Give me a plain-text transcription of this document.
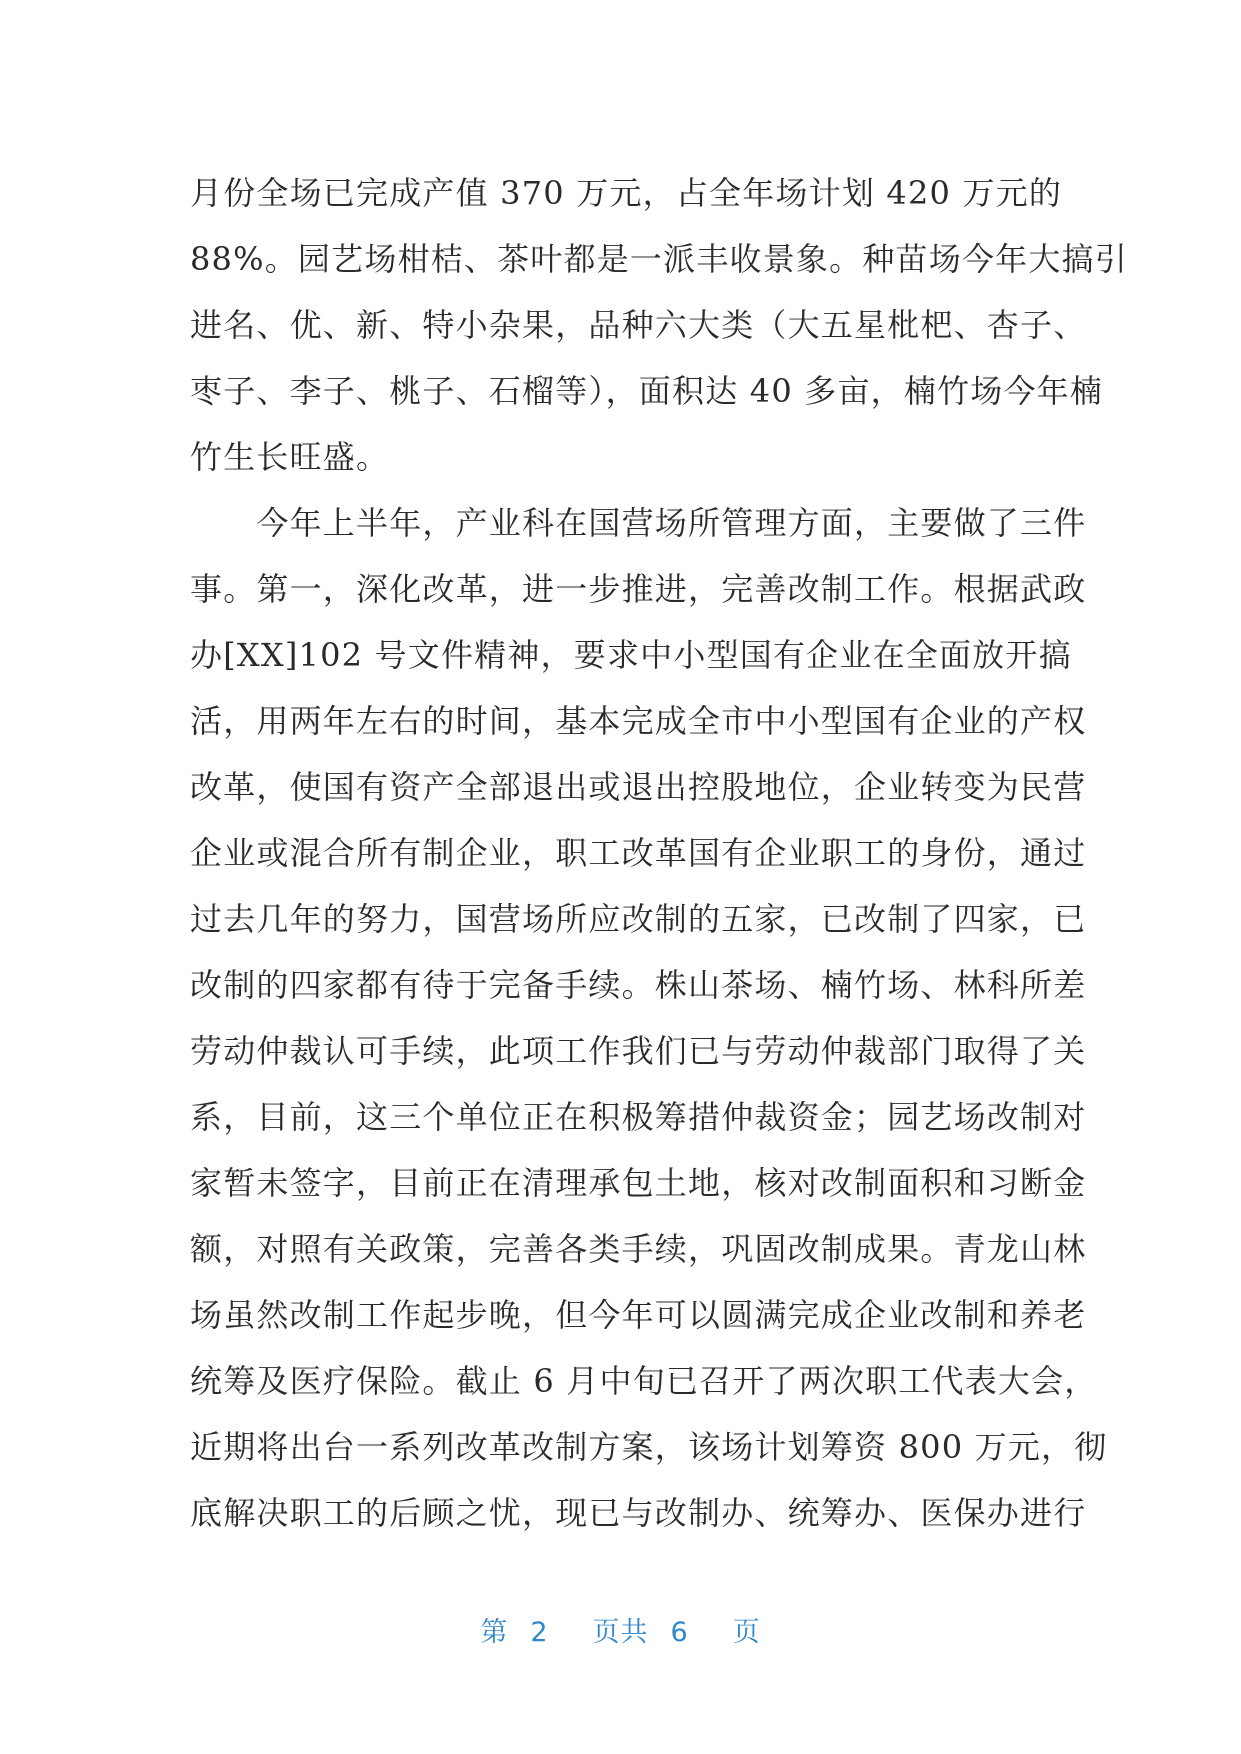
月份全场已完成产值 370 万元，占全年场计划 420 万元的
88%。园艺场柑桔、茶叶都是一派丰收景象。种苗场今年大搞引
进名、优、新、特小杂果，品种六大类（大五星枇杷、杏子、
枣子、李子、桃子、石榴等），面积达 40 多亩，楠竹场今年楠
竹生长旺盛。
　　今年上半年，产业科在国营场所管理方面，主要做了三件
事。第一，深化改革，进一步推进，完善改制工作。根据武政
办[XX]102 号文件精神，要求中小型国有企业在全面放开搞
活，用两年左右的时间，基本完成全市中小型国有企业的产权
改革，使国有资产全部退出或退出控股地位，企业转变为民营
企业或混合所有制企业，职工改革国有企业职工的身份，通过
过去几年的努力，国营场所应改制的五家，已改制了四家，已
改制的四家都有待于完备手续。株山茶场、楠竹场、林科所差
劳动仲裁认可手续，此项工作我们已与劳动仲裁部门取得了关
系，目前，这三个单位正在积极筹措仲裁资金；园艺场改制对
家暂未签字，目前正在清理承包土地，核对改制面积和习断金
额，对照有关政策，完善各类手续，巩固改制成果。青龙山林
场虽然改制工作起步晚，但今年可以圆满完成企业改制和养老
统筹及医疗保险。截止 6 月中旬已召开了两次职工代表大会，
近期将出台一系列改革改制方案，该场计划筹资 800 万元，彻
底解决职工的后顾之忧，现已与改制办、统筹办、医保办进行
第 2 页共 6 页
